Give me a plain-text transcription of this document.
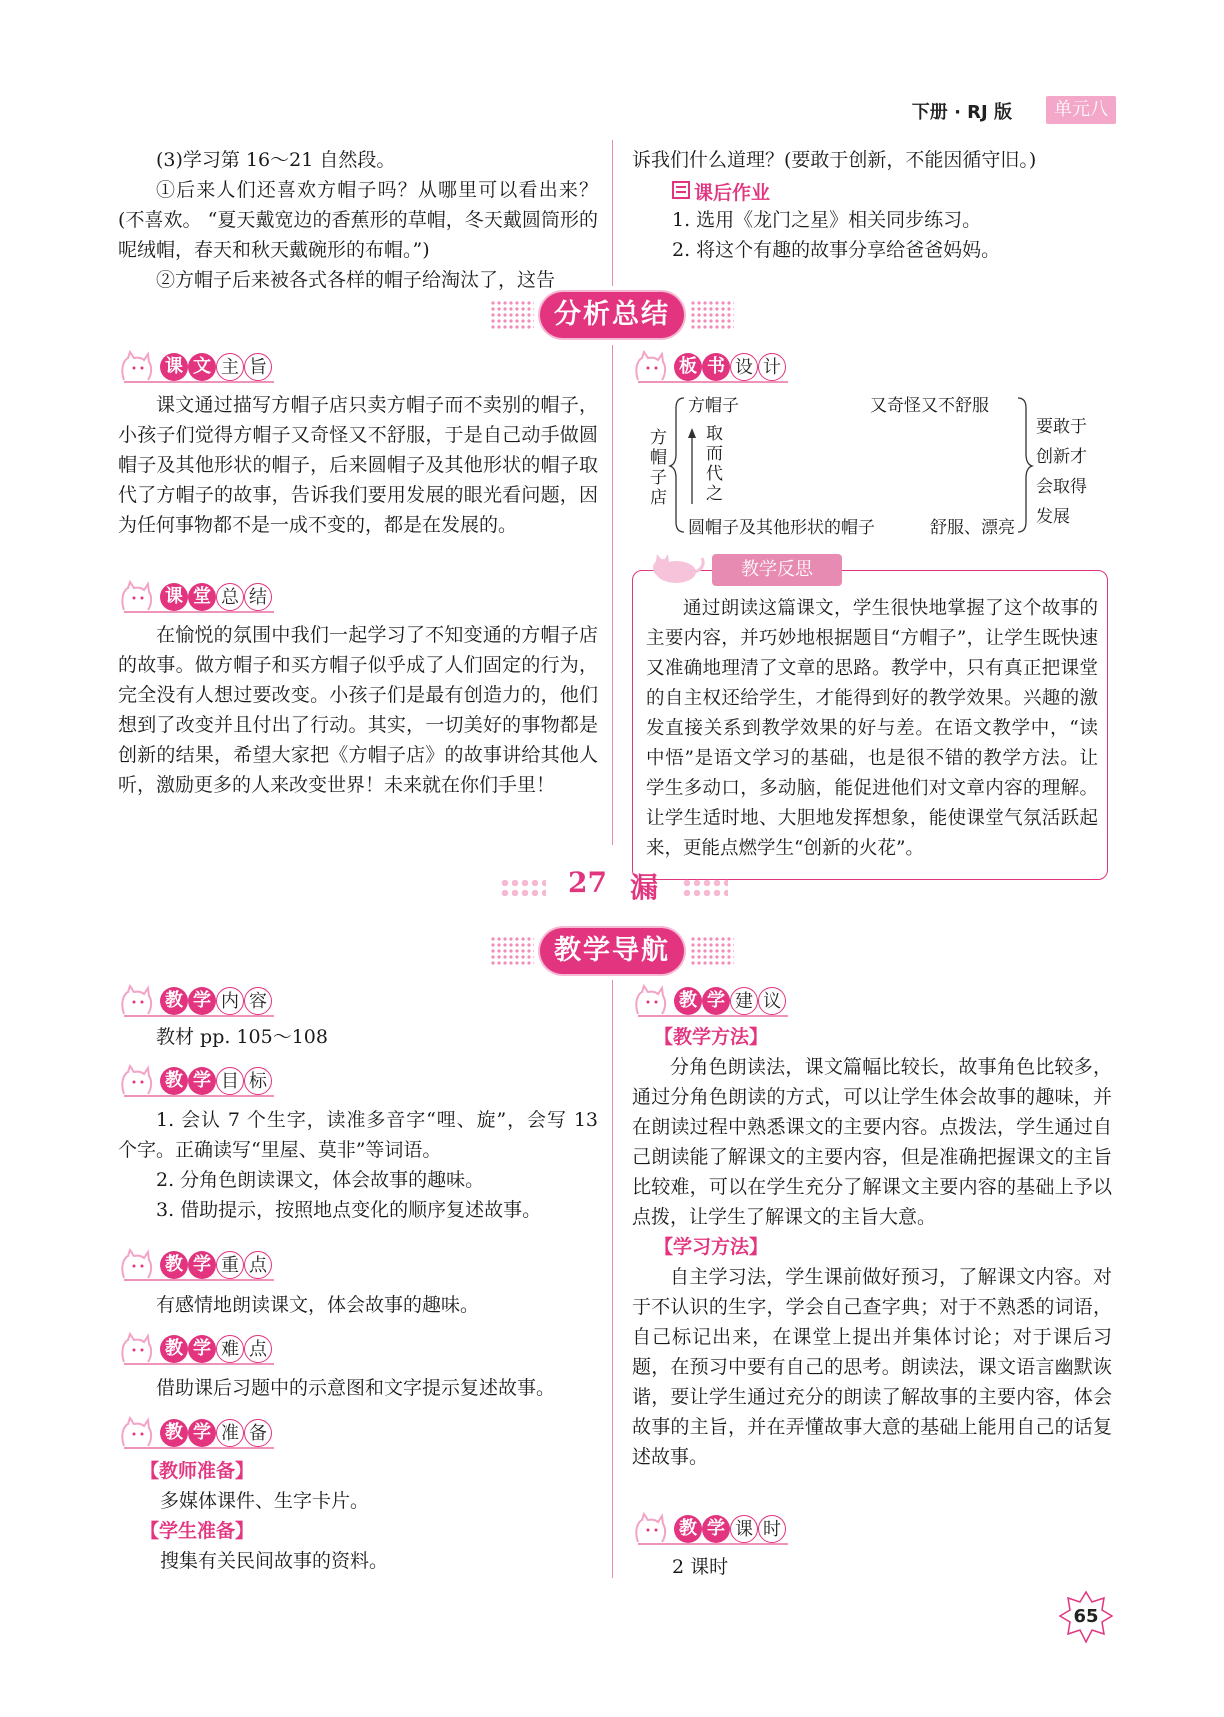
下册 · RJ 版	单元八

(3)学习第 16～21 自然段。

①后来人们还喜欢方帽子吗？从哪里可以看出来？(不喜欢。 “夏天戴宽边的香蕉形的草帽，冬天戴圆筒形的呢绒帽，春天和秋天戴碗形的布帽。”)

②方帽子后来被各式各样的帽子给淘汰了，这告

诉我们什么道理？(要敢于创新，不能因循守旧。)

课后作业

1. 选用《龙门之星》相关同步练习。

2. 将这个有趣的故事分享给爸爸妈妈。

分析总结
课 文 主 旨

课文通过描写方帽子店只卖方帽子而不卖别的帽子，小孩子们觉得方帽子又奇怪又不舒服，于是自己动手做圆帽子及其他形状的帽子，后来圆帽子及其他形状的帽子取代了方帽子的故事，告诉我们要用发展的眼光看问题，因为任何事物都不是一成不变的，都是在发展的。

课 堂 总 结

在愉悦的氛围中我们一起学习了不知变通的方帽子店的故事。做方帽子和买方帽子似乎成了人们固定的行为，完全没有人想过要改变。小孩子们是最有创造力的，他们想到了改变并且付出了行动。其实，一切美好的事物都是创新的结果，希望大家把《方帽子店》的故事讲给其他人听，激励更多的人来改变世界！未来就在你们手里！

板 书 设 计
方
帽
子
店
方帽子	又奇怪又不舒服
取
而
代
之
圆帽子及其他形状的帽子	舒服、漂亮
要敢于
创新才
会取得
发展
教学反思

通过朗读这篇课文，学生很快地掌握了这个故事的主要内容，并巧妙地根据题目“方帽子”，让学生既快速又准确地理清了文章的思路。教学中，只有真正把课堂的自主权还给学生，才能得到好的教学效果。兴趣的激发直接关系到教学效果的好与差。在语文教学中，“读中悟”是语文学习的基础，也是很不错的教学方法。让学生多动口，多动脑，能促进他们对文章内容的理解。让学生适时地、大胆地发挥想象，能使课堂气氛活跃起来，更能点燃学生“创新的火花”。

27 漏
教学导航
教 学 内 容

教材 pp. 105～108

教 学 目 标

1. 会认 7 个生字，读准多音字“哩、旋”，会写 13 个字。正确读写“里屋、莫非”等词语。

2. 分角色朗读课文，体会故事的趣味。

3. 借助提示，按照地点变化的顺序复述故事。

教 学 重 点

有感情地朗读课文，体会故事的趣味。

教 学 难 点

借助课后习题中的示意图和文字提示复述故事。

教 学 准 备

【教师准备】

多媒体课件、生字卡片。

【学生准备】

搜集有关民间故事的资料。

教 学 建 议

【教学方法】

分角色朗读法，课文篇幅比较长，故事角色比较多，通过分角色朗读的方式，可以让学生体会故事的趣味，并在朗读过程中熟悉课文的主要内容。点拨法，学生通过自己朗读能了解课文的主要内容，但是准确把握课文的主旨比较难，可以在学生充分了解课文主要内容的基础上予以点拨，让学生了解课文的主旨大意。

【学习方法】

自主学习法，学生课前做好预习，了解课文内容。对于不认识的生字，学会自己查字典；对于不熟悉的词语，自己标记出来，在课堂上提出并集体讨论；对于课后习题，在预习中要有自己的思考。朗读法，课文语言幽默诙谐，要让学生通过充分的朗读了解故事的主要内容，体会故事的主旨，并在弄懂故事大意的基础上能用自己的话复述故事。

教 学 课 时

2 课时

65
